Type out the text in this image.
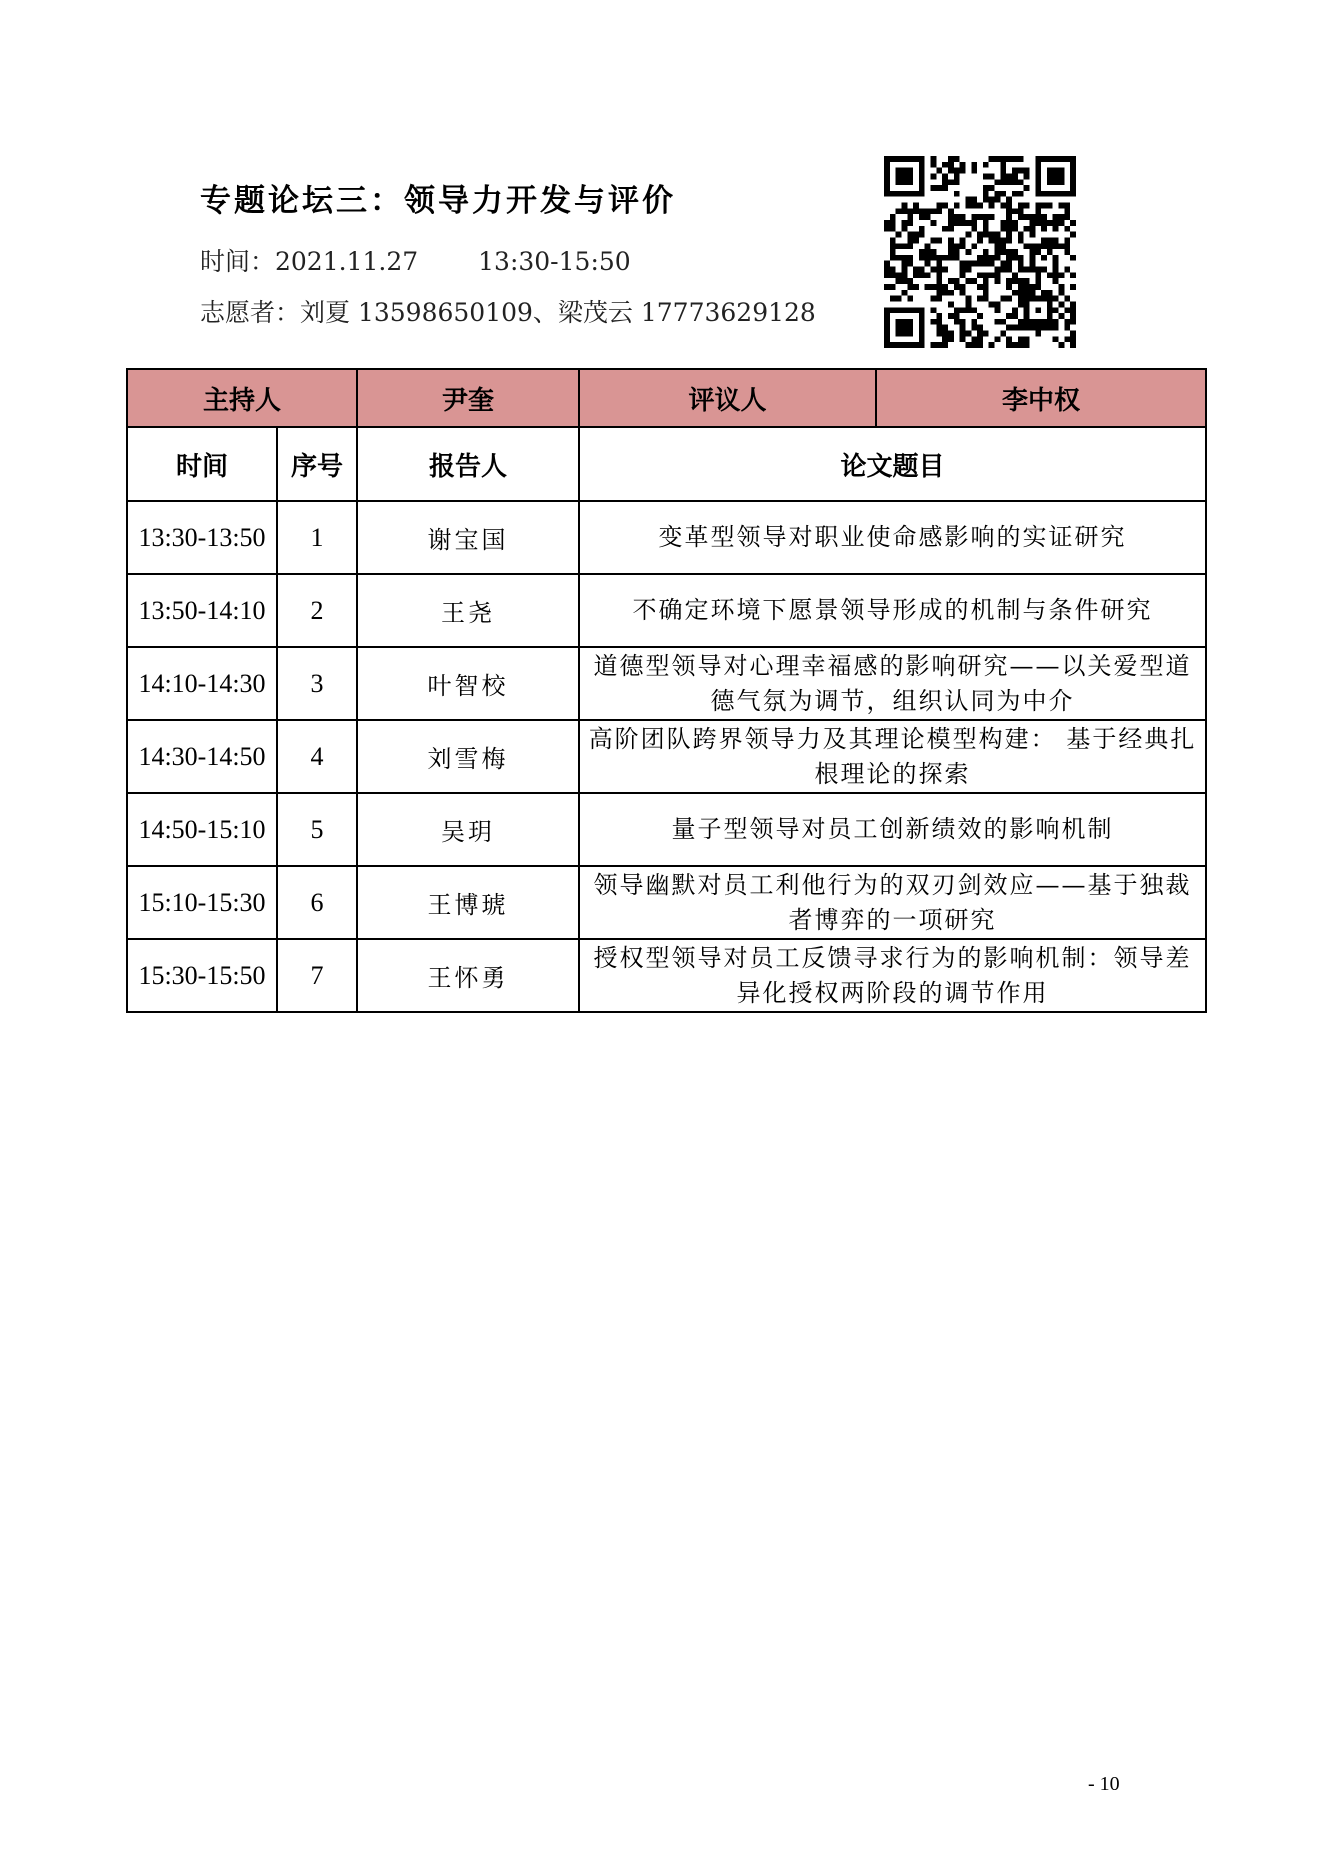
专题论坛三：领导力开发与评价
时间：2021.11.27 13:30-15:50
志愿者：刘夏 13598650109、梁茂云 17773629128
主持人		尹奎	评议人	李中权
时间	序号	报告人	论文题目	
13:30-13:50	1	谢宝国	变革型领导对职业使命感影响的实证研究	
13:50-14:10	2	王尧	不确定环境下愿景领导形成的机制与条件研究	
14:10-14:30	3	叶智校	道德型领导对心理幸福感的影响研究——以关爱型道德气氛为调节，组织认同为中介	
14:30-14:50	4	刘雪梅	高阶团队跨界领导力及其理论模型构建： 基于经典扎根理论的探索	
14:50-15:10	5	吴玥	量子型领导对员工创新绩效的影响机制	
15:10-15:30	6	王博琥	领导幽默对员工利他行为的双刃剑效应——基于独裁者博弈的一项研究	
15:30-15:50	7	王怀勇	授权型领导对员工反馈寻求行为的影响机制：领导差异化授权两阶段的调节作用	
- 10
